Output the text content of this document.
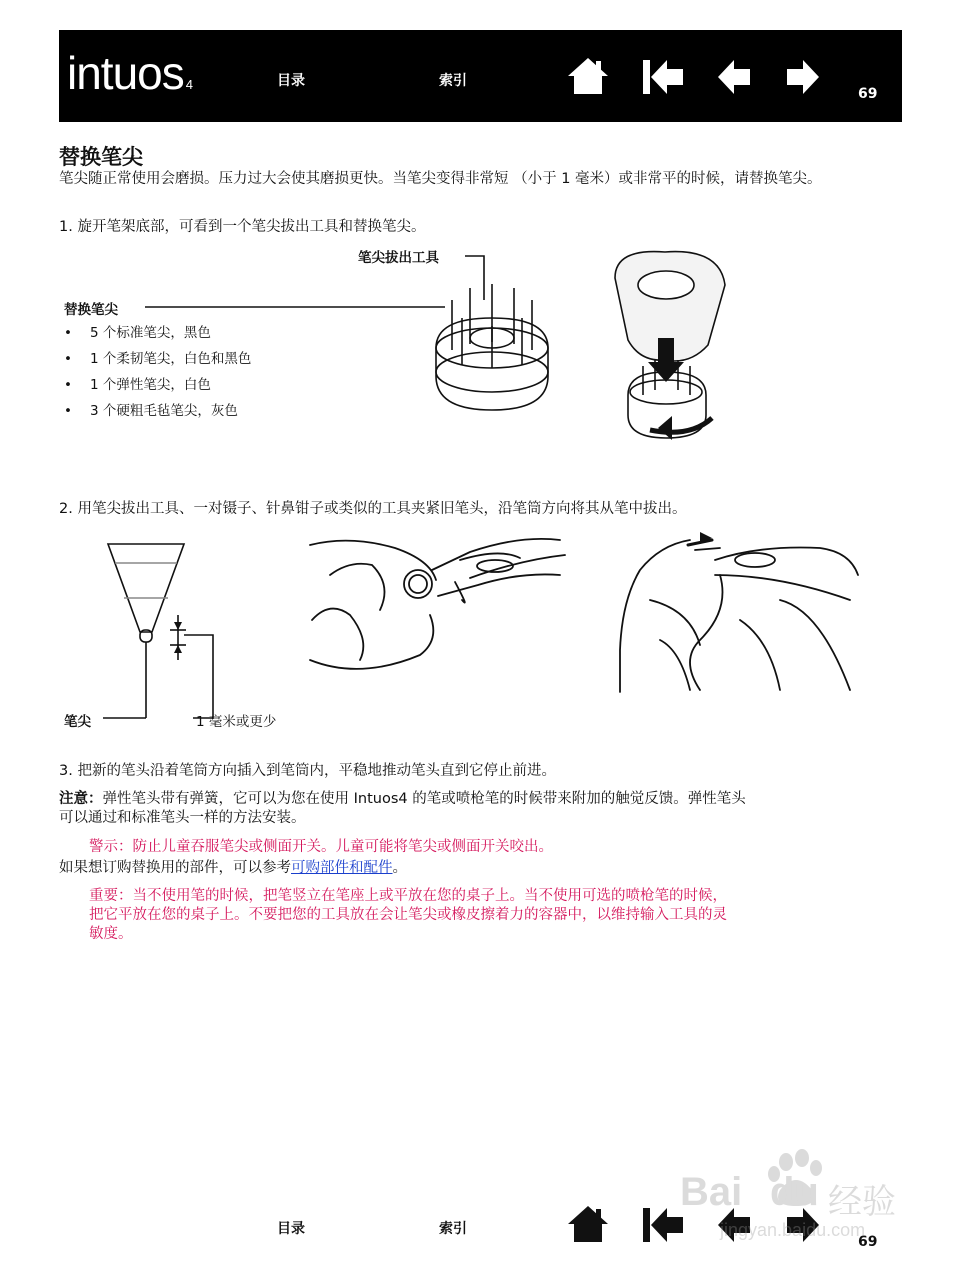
intuos 4	目录	索引
69
替换笔尖

笔尖随正常使用会磨损。压力过大会使其磨损更快。当笔尖变得非常短 （小于 1 毫米）或非常平的时候，请替换笔尖。

1. 旋开笔架底部，可看到一个笔尖拔出工具和替换笔尖。

笔尖拔出工具
替换笔尖
• 5 个标准笔尖，黑色
• 1 个柔韧笔尖，白色和黑色
• 1 个弹性笔尖，白色
• 3 个硬粗毛毡笔尖，灰色

2. 用笔尖拔出工具、一对镊子、针鼻钳子或类似的工具夹紧旧笔头，沿笔筒方向将其从笔中拔出。

笔尖	1 毫米或更少

3. 把新的笔头沿着笔筒方向插入到笔筒内，平稳地推动笔头直到它停止前进。

注意：弹性笔头带有弹簧，它可以为您在使用 Intuos4 的笔或喷枪笔的时候带来附加的触觉反馈。弹性笔头

可以通过和标准笔头一样的方法安装。

警示：防止儿童吞服笔尖或侧面开关。儿童可能将笔尖或侧面开关咬出。

如果想订购替换用的部件，可以参考可购部件和配件。

重要：当不使用笔的时候，把笔竖立在笔座上或平放在您的桌子上。当不使用可选的喷枪笔的时候，

把它平放在您的桌子上。不要把您的工具放在会让笔尖或橡皮擦着力的容器中，以维持输入工具的灵

敏度。

目录	索引
69
Bai du 经验
jingyan.baidu.com
